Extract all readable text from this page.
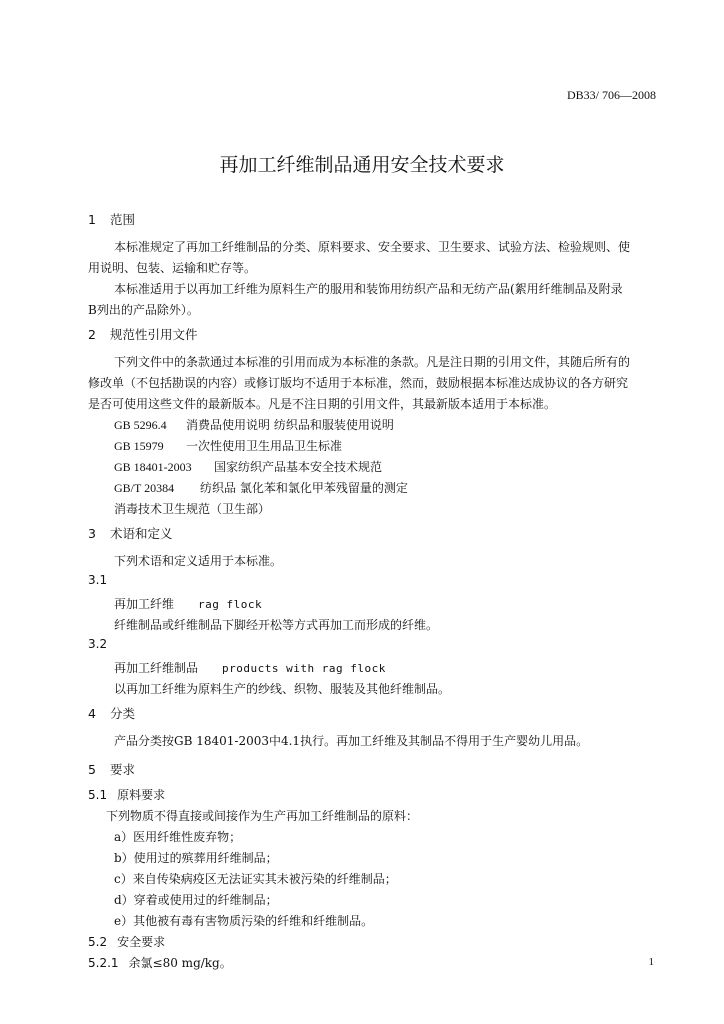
DB33/ 706—2008
再加工纤维制品通用安全技术要求
1 范围
本标准规定了再加工纤维制品的分类、原料要求、安全要求、卫生要求、试验方法、检验规则、使
用说明、包装、运输和贮存等。
本标准适用于以再加工纤维为原料生产的服用和装饰用纺织产品和无纺产品(絮用纤维制品及附录
B列出的产品除外）。
2 规范性引用文件
下列文件中的条款通过本标准的引用而成为本标准的条款。凡是注日期的引用文件，其随后所有的
修改单（不包括勘误的内容）或修订版均不适用于本标准，然而，鼓励根据本标准达成协议的各方研究
是否可使用这些文件的最新版本。凡是不注日期的引用文件，其最新版本适用于本标准。
GB 5296.4 消费品使用说明 纺织品和服装使用说明
GB 15979 一次性使用卫生用品卫生标准
GB 18401-2003 国家纺织产品基本安全技术规范
GB/T 20384 纺织品 氯化苯和氯化甲苯残留量的测定
消毒技术卫生规范（卫生部）
3 术语和定义
下列术语和定义适用于本标准。
3.1
再加工纤维 rag flock
纤维制品或纤维制品下脚经开松等方式再加工而形成的纤维。
3.2
再加工纤维制品 products with rag flock
以再加工纤维为原料生产的纱线、织物、服装及其他纤维制品。
4 分类
产品分类按GB 18401-2003中4.1执行。再加工纤维及其制品不得用于生产婴幼儿用品。
5 要求
5.1 原料要求
下列物质不得直接或间接作为生产再加工纤维制品的原料：
a）医用纤维性废弃物；
b）使用过的殡葬用纤维制品；
c）来自传染病疫区无法证实其未被污染的纤维制品；
d）穿着或使用过的纤维制品；
e）其他被有毒有害物质污染的纤维和纤维制品。
5.2 安全要求
5.2.1 余氯≤80 mg/kg。	1
